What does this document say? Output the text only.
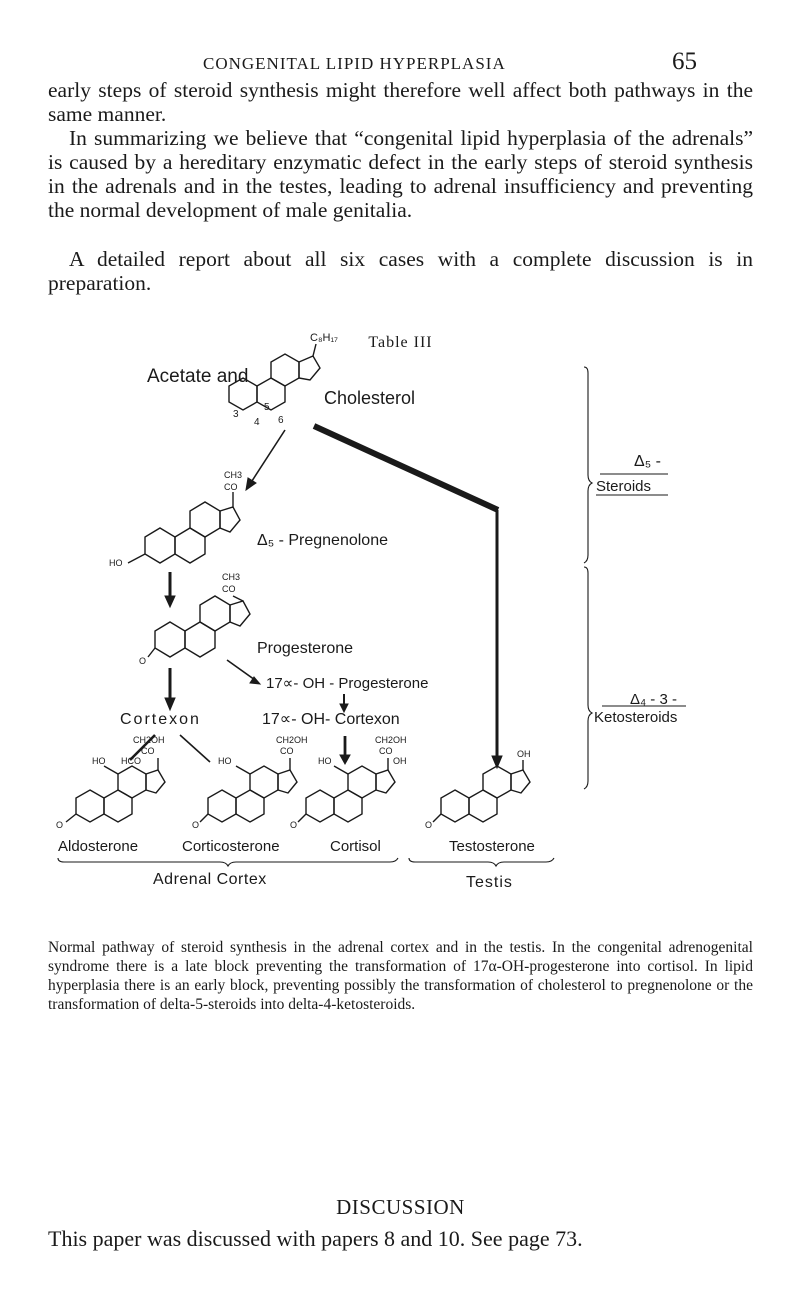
CONGENITAL LIPID HYPERPLASIA	65

early steps of steroid synthesis might therefore well affect both pathways in the same manner.

In summarizing we believe that “congenital lipid hyperplasia of the adrenals” is caused by a hereditary enzymatic defect in the early steps of steroid synthesis in the adrenals and in the testes, leading to adrenal insufficiency and preventing the normal development of male genitalia.

A detailed report about all six cases with a complete discussion is in preparation.

Table III
C₈H₁₇
3
4
5
6
Acetate and
Cholesterol
CH3
CO
HO
Δ₅ - Pregnenolone
CH3
CO
O
Progesterone
17∝- OH - Progesterone
Cortexon	17∝- OH- Cortexon
CH2OH
CO
HO HCO
O
CH2OH
CO
HO
O
CH2OH
CO
HO	OH
O
OH
O
Aldosterone	Corticosterone	Cortisol	Testosterone
Adrenal Cortex	Testis
Δ₅ -
Steroids
Δ₄ - 3 -
Ketosteroids
Normal pathway of steroid synthesis in the adrenal cortex and in the testis. In the congenital adrenogenital syndrome there is a late block preventing the transformation of 17α-OH-progesterone into cortisol. In lipid hyperplasia there is an early block, preventing possibly the transformation of cholesterol to pregnenolone or the transformation of delta-5-steroids into delta-4-ketosteroids.
DISCUSSION
This paper was discussed with papers 8 and 10. See page 73.
